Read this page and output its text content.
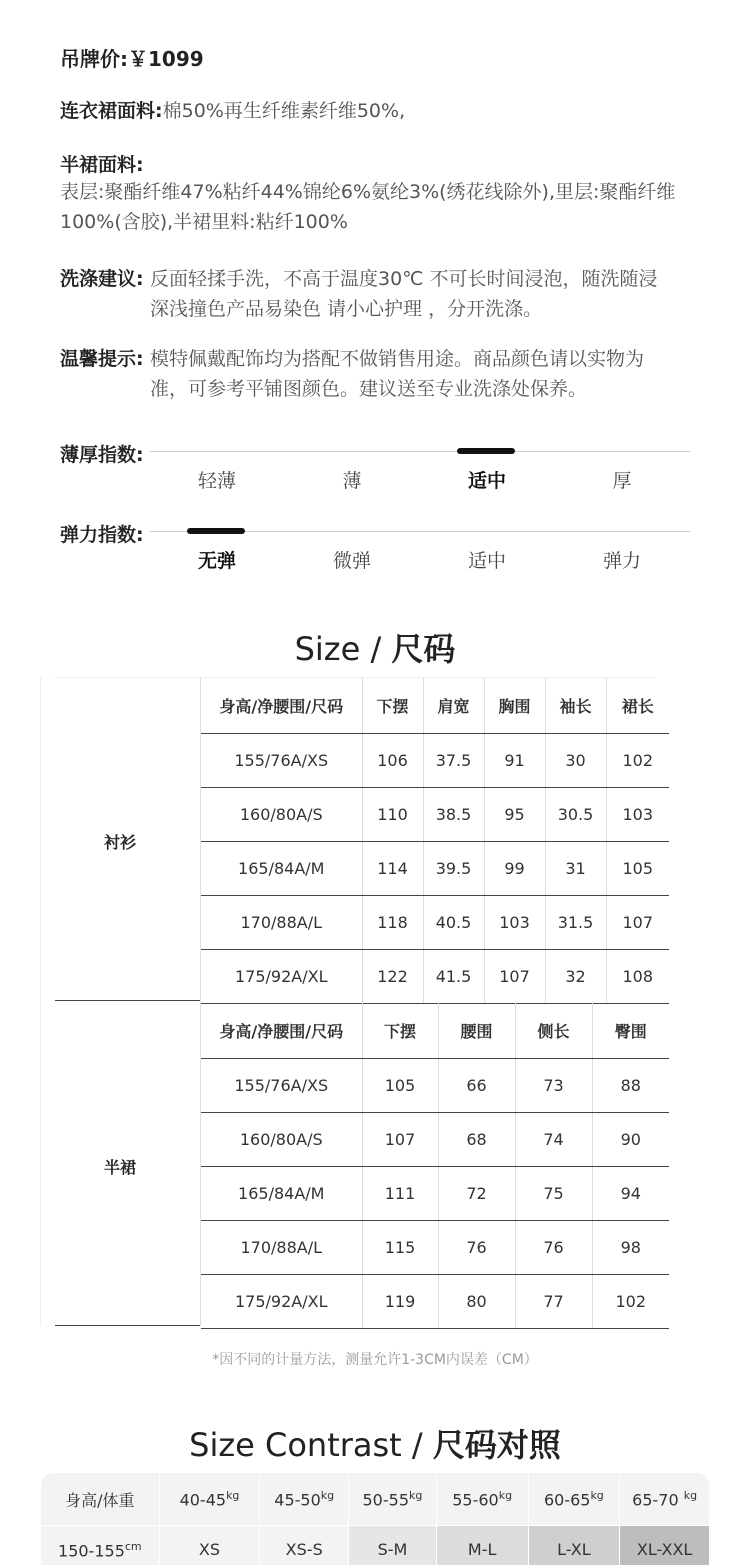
吊牌价:￥1099
连衣裙面料:棉50%再生纤维素纤维50%,
半裙面料:
表层:聚酯纤维47%粘纤44%锦纶6%氨纶3%(绣花线除外),里层:聚酯纤维
100%(含胶),半裙里料:粘纤100%
洗涤建议: 反面轻揉手洗，不高于温度30℃ 不可长时间浸泡，随洗随浸
深浅撞色产品易染色 请小心护理 ，分开洗涤。
温馨提示: 模特佩戴配饰均为搭配不做销售用途。商品颜色请以实物为
准，可参考平铺图颜色。建议送至专业洗涤处保养。
薄厚指数:
轻薄	薄	适中	厚
弹力指数:
无弹	微弹	适中	弹力
Size / 尺码
衬衫
身高/净腰围/尺码	下摆	肩宽	胸围	袖长	裙长
155/76A/XS	106	37.5	91	30	102
160/80A/S	110	38.5	95	30.5	103
165/84A/M	114	39.5	99	31	105
170/88A/L	118	40.5	103	31.5	107
175/92A/XL	122	41.5	107	32	108
半裙
身高/净腰围/尺码	下摆	腰围	侧长	臀围
155/76A/XS	105	66	73	88
160/80A/S	107	68	74	90
165/84A/M	111	72	75	94
170/88A/L	115	76	76	98
175/92A/XL	119	80	77	102
*因不同的计量方法，测量允许1-3CM内误差（CM）
Size Contrast / 尺码对照
身高/体重	$40-45^{kg}$	$45-50^{kg}$	$50-55^{kg}$	$55-60^{kg}$	$60-65^{kg}$	65-70 $^{kg}$
$150-155^{cm}$	XS	XS-S	S-M	M-L	L-XL	XL-XXL
